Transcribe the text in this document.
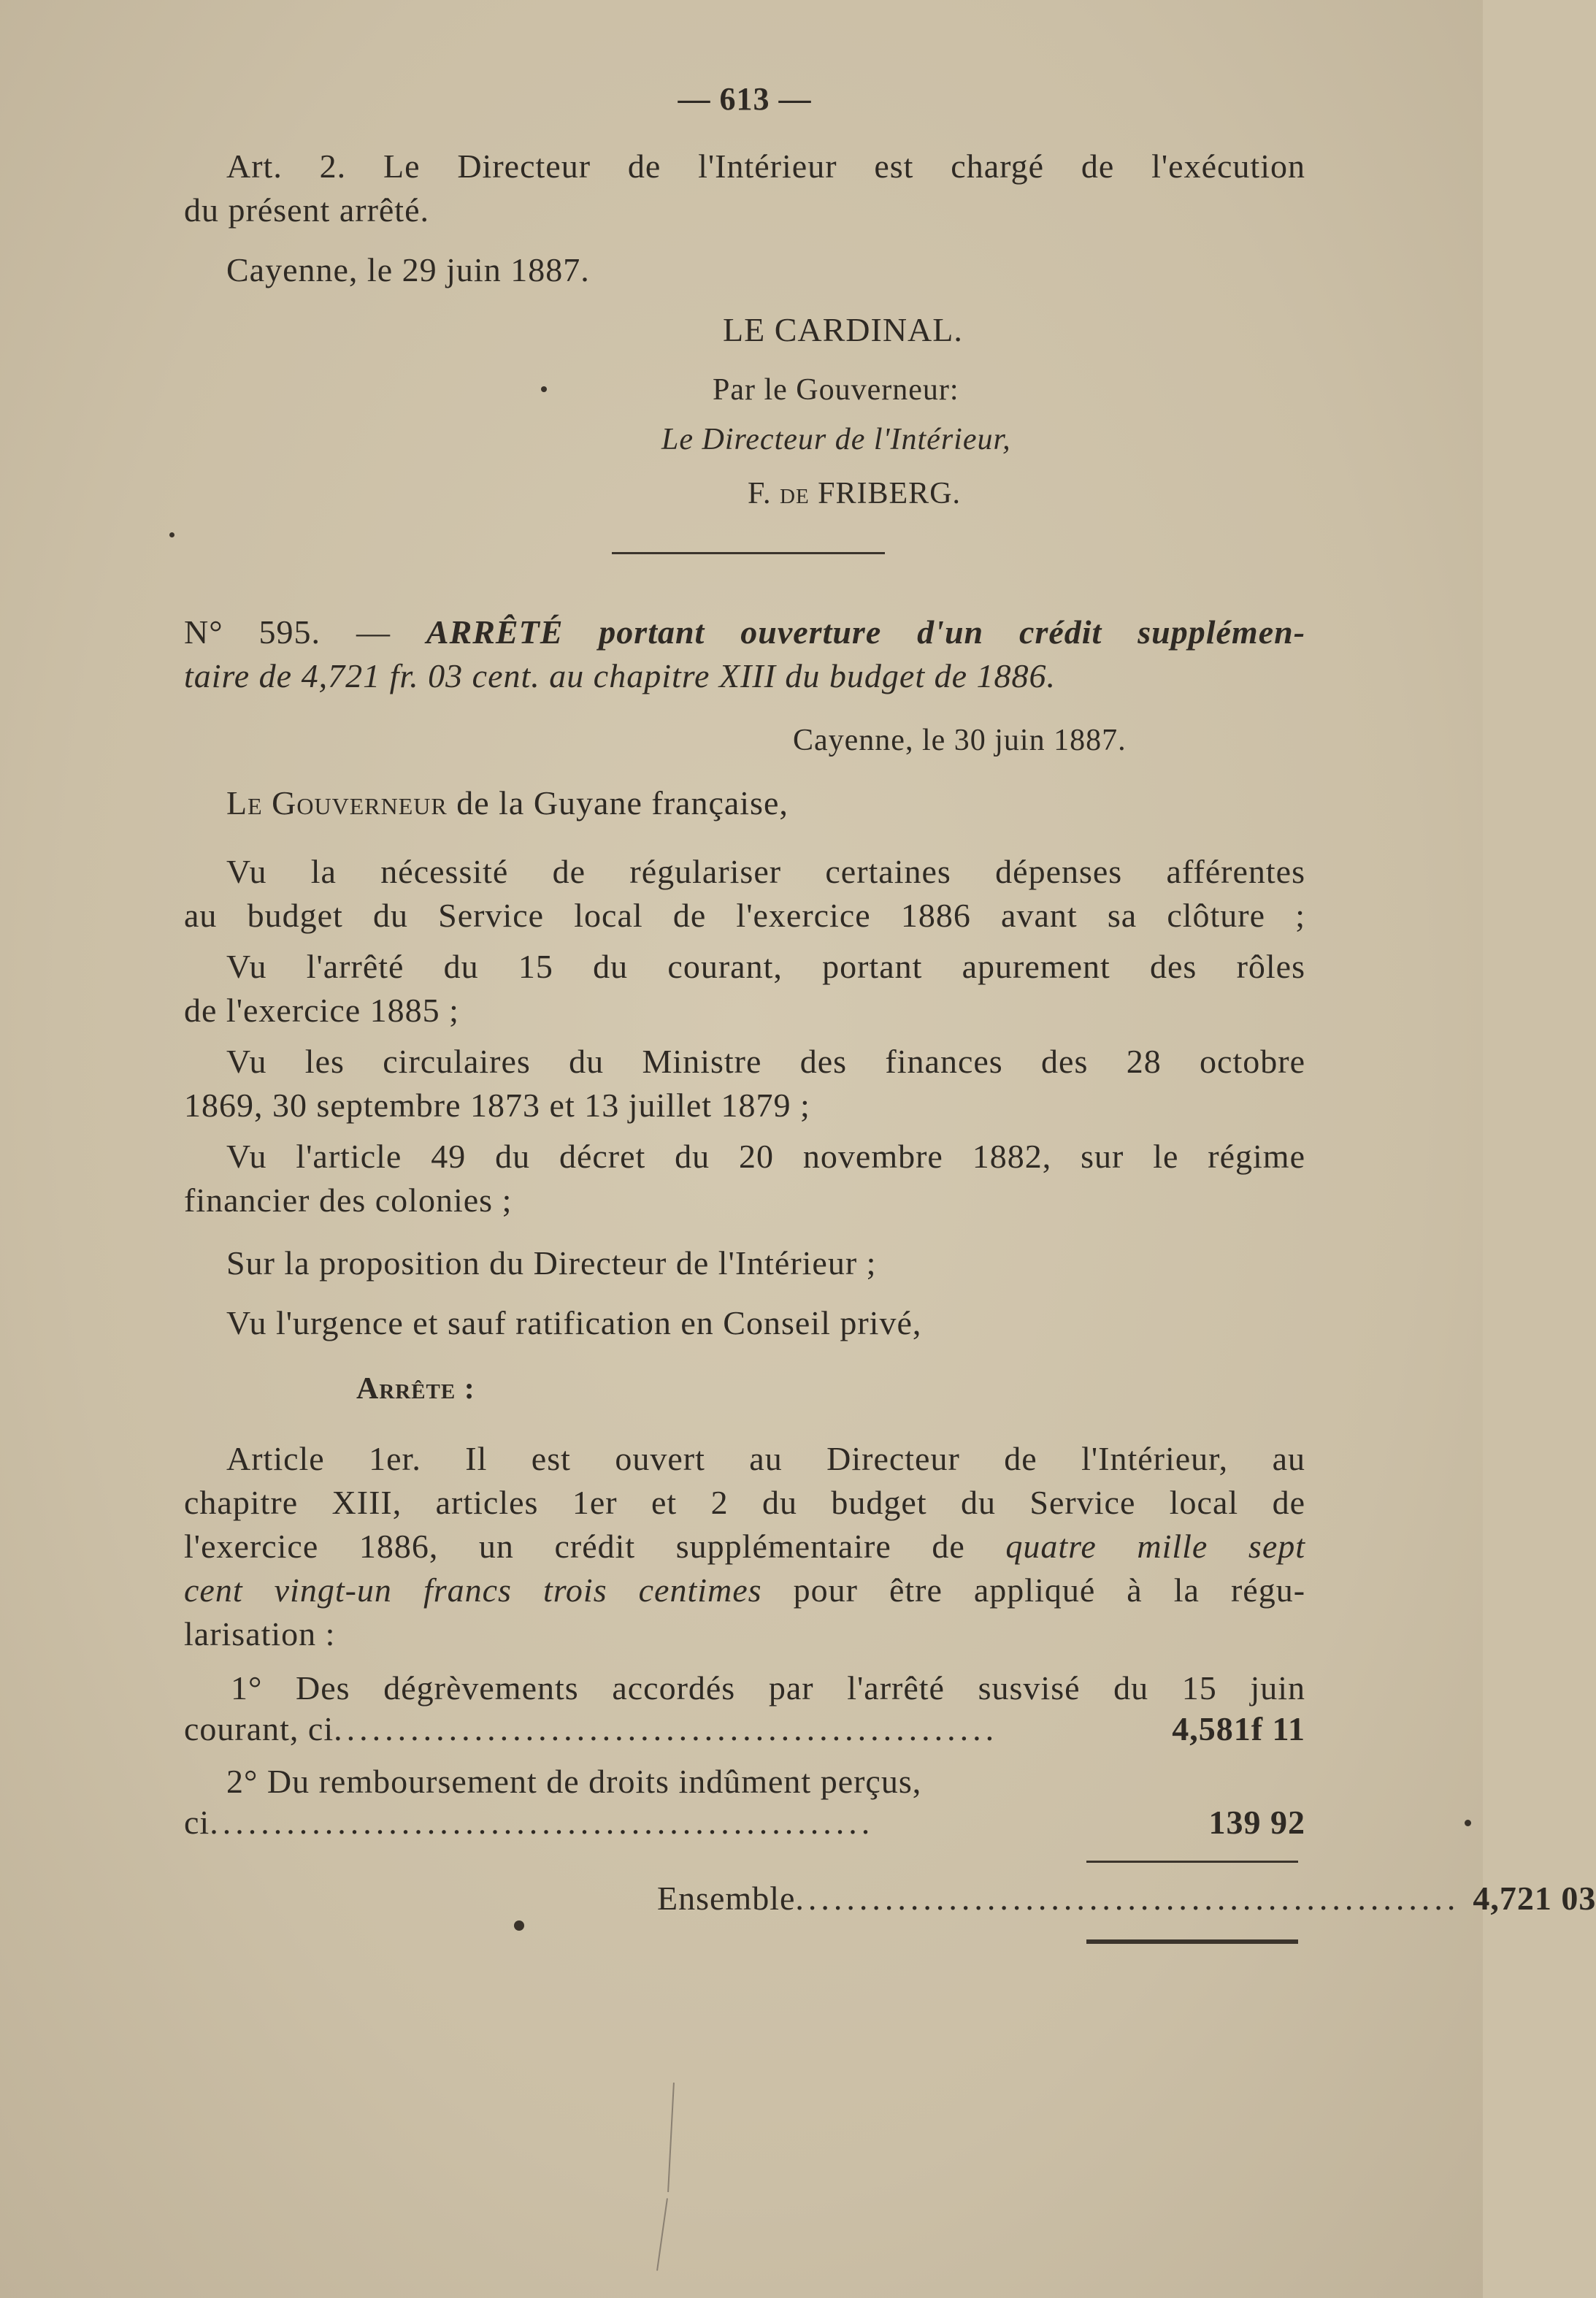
— 613 —
Art. 2. Le Directeur de l'Intérieur est chargé de l'exécution
du présent arrêté.
Cayenne, le 29 juin 1887.
LE CARDINAL.
Par le Gouverneur:
Le Directeur de l'Intérieur,
F. de FRIBERG.
N° 595. — ARRÊTÉ portant ouverture d'un crédit supplémen-
taire de 4,721 fr. 03 cent. au chapitre XIII du budget de 1886.
Cayenne, le 30 juin 1887.
Le Gouverneur de la Guyane française,
Vu la nécessité de régulariser certaines dépenses afférentes
au budget du Service local de l'exercice 1886 avant sa clôture ;
Vu l'arrêté du 15 du courant, portant apurement des rôles
de l'exercice 1885 ;
Vu les circulaires du Ministre des finances des 28 octobre
1869, 30 septembre 1873 et 13 juillet 1879 ;
Vu l'article 49 du décret du 20 novembre 1882, sur le régime
financier des colonies ;
Sur la proposition du Directeur de l'Intérieur ;
Vu l'urgence et sauf ratification en Conseil privé,
Arrête :
Article 1er. Il est ouvert au Directeur de l'Intérieur, au
chapitre XIII, articles 1er et 2 du budget du Service local de
l'exercice 1886, un crédit supplémentaire de quatre mille sept
cent vingt-un francs trois centimes pour être appliqué à la régu-
larisation :
1° Des dégrèvements accordés par l'arrêté susvisé du 15 juin
courant, ci ....................................................	4,581f 11
2° Du remboursement de droits indûment perçus,
ci ....................................................	139 92
Ensemble .................................................... 4,721 03
